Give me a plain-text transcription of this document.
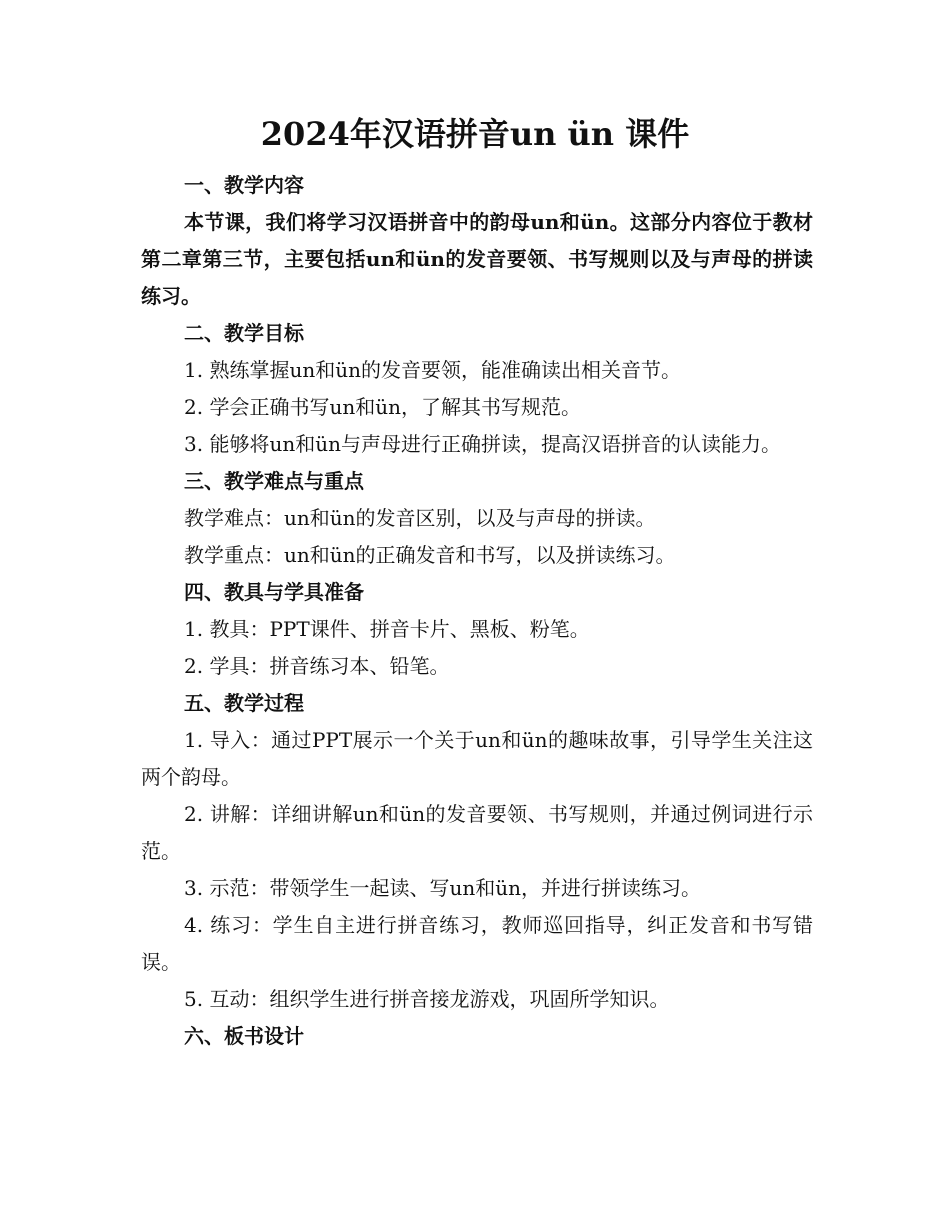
2024年汉语拼音un ün 课件

一、教学内容

本节课，我们将学习汉语拼音中的韵母un和ün。这部分内容位于教材第二章第三节，主要包括un和ün的发音要领、书写规则以及与声母的拼读练习。

二、教学目标

1. 熟练掌握un和ün的发音要领，能准确读出相关音节。

2. 学会正确书写un和ün，了解其书写规范。

3. 能够将un和ün与声母进行正确拼读，提高汉语拼音的认读能力。

三、教学难点与重点

教学难点：un和ün的发音区别，以及与声母的拼读。

教学重点：un和ün的正确发音和书写，以及拼读练习。

四、教具与学具准备

1. 教具：PPT课件、拼音卡片、黑板、粉笔。

2. 学具：拼音练习本、铅笔。

五、教学过程

1. 导入：通过PPT展示一个关于un和ün的趣味故事，引导学生关注这两个韵母。

2. 讲解：详细讲解un和ün的发音要领、书写规则，并通过例词进行示范。

3. 示范：带领学生一起读、写un和ün，并进行拼读练习。

4. 练习：学生自主进行拼音练习，教师巡回指导，纠正发音和书写错误。

5. 互动：组织学生进行拼音接龙游戏，巩固所学知识。

六、板书设计
